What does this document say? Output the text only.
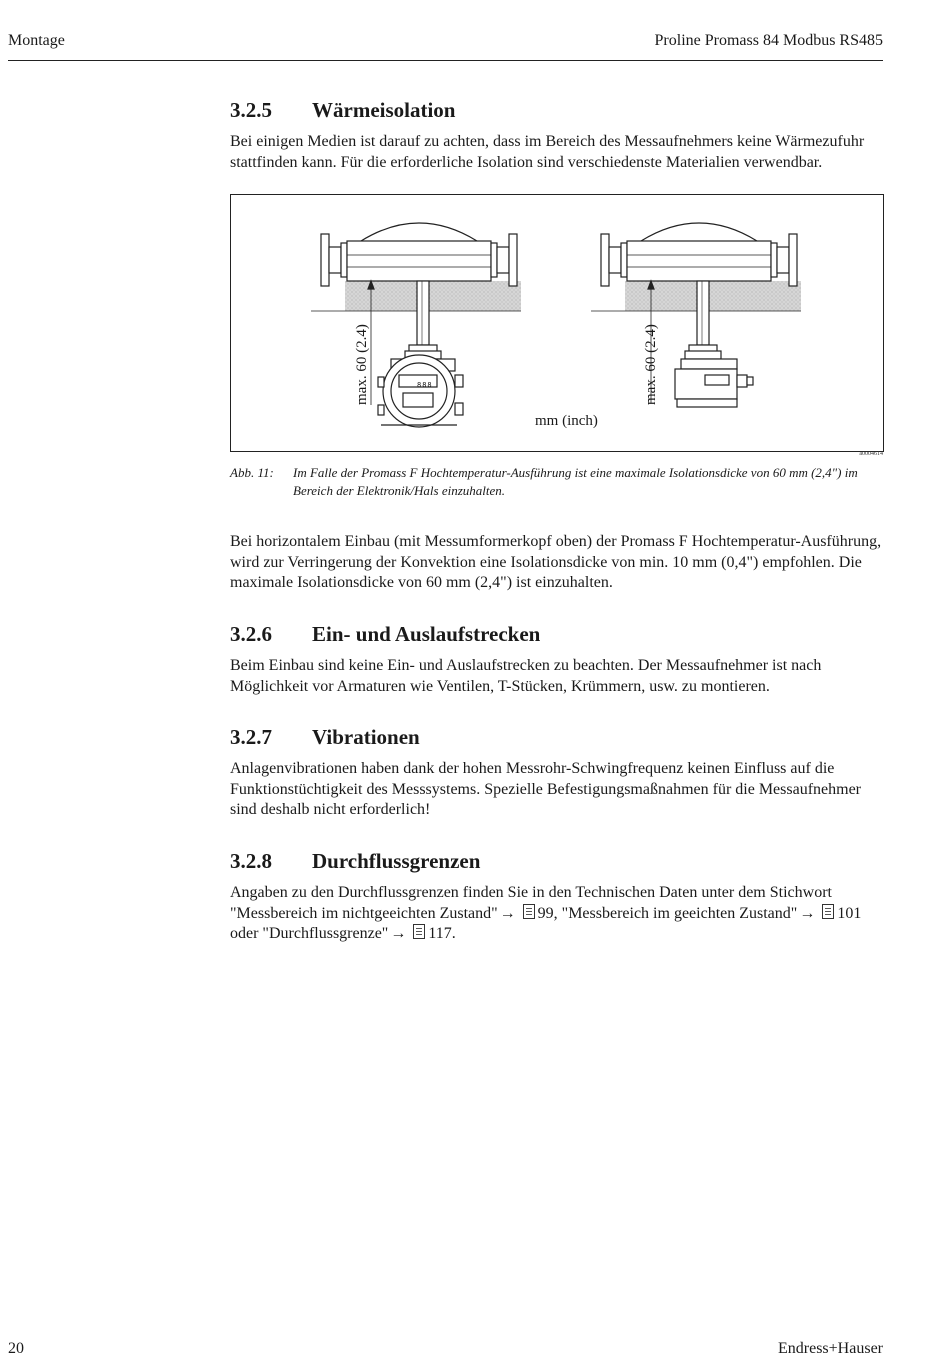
Montage	Proline Promass 84 Modbus RS485
3.2.5 Wärmeisolation

Bei einigen Medien ist darauf zu achten, dass im Bereich des Messaufnehmers keine Wärmezufuhr stattfinden kann. Für die erforderliche Isolation sind verschiedenste Materialien verwendbar.

max. 60 (2.4)	max. 60 (2.4)
mm (inch)
888
a0004614
Abb. 11: Im Falle der Promass F Hochtemperatur-Ausführung ist eine maximale Isolationsdicke von 60 mm (2,4") im Bereich der Elektronik/Hals einzuhalten.

Bei horizontalem Einbau (mit Messumformerkopf oben) der Promass F Hochtemperatur-Ausführung, wird zur Verringerung der Konvektion eine Isolationsdicke von min. 10 mm (0,4") empfohlen. Die maximale Isolationsdicke von 60 mm (2,4") ist einzuhalten.

3.2.6 Ein- und Auslaufstrecken

Beim Einbau sind keine Ein- und Auslaufstrecken zu beachten. Der Messaufnehmer ist nach Möglichkeit vor Armaturen wie Ventilen, T-Stücken, Krümmern, usw. zu montieren.

3.2.7 Vibrationen

Anlagenvibrationen haben dank der hohen Messrohr-Schwingfrequenz keinen Einfluss auf die Funktionstüchtigkeit des Messsystems. Spezielle Befestigungsmaßnahmen für die Messaufnehmer sind deshalb nicht erforderlich!

3.2.8 Durchflussgrenzen

Angaben zu den Durchflussgrenzen finden Sie in den Technischen Daten unter dem Stichwort "Messbereich im nichtgeeichten Zustand" → 99, "Messbereich im geeichten Zustand" → 101 oder "Durchflussgrenze" → 117.

20	Endress+Hauser
